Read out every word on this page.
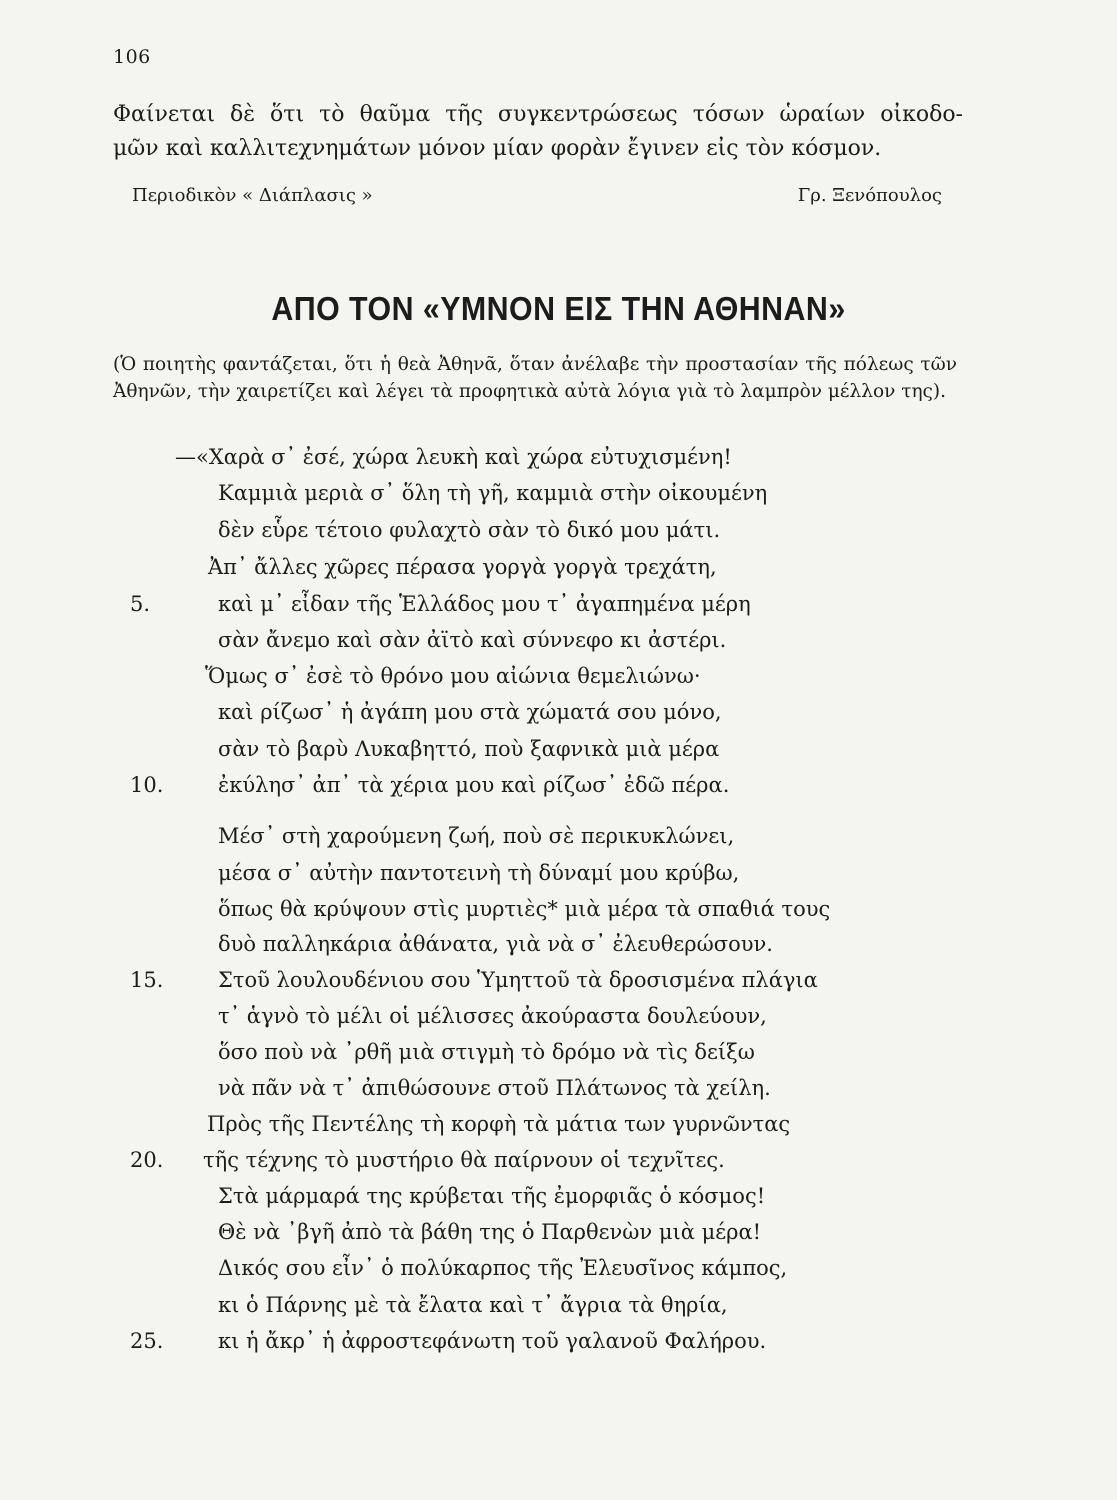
106

Φαίνεται δὲ ὅτι τὸ θαῦμα τῆς συγκεντρώσεως τόσων ὡραίων οἰκοδο-

μῶν καὶ καλλιτεχνημάτων μόνον μίαν φορὰν ἔγινεν εἰς τὸν κόσμον.

Περιοδικὸν « Διάπλασις »	Γρ. Ξενόπουλος
ΑΠΟ ΤΟΝ «ΥΜΝΟΝ ΕΙΣ ΤΗΝ ΑΘΗΝΑΝ»

(Ὁ ποιητὴς φαντάζεται, ὅτι ἡ θεὰ Ἀθηνᾶ, ὅταν ἀνέλαβε τὴν προστασίαν τῆς πόλεως τῶν Ἀθηνῶν, τὴν χαιρετίζει καὶ λέγει τὰ προφητικὰ αὐτὰ λόγια γιὰ τὸ λαμπρὸν μέλλον της).

—«Χαρὰ σ᾿ ἐσέ, χώρα λευκὴ καὶ χώρα εὐτυχισμένη!
Καμμιὰ μεριὰ σ᾿ ὅλη τὴ γῆ, καμμιὰ στὴν οἰκουμένη
δὲν εὗρε τέτοιο φυλαχτὸ σὰν τὸ δικό μου μάτι.
Ἀπ᾿ ἄλλες χῶρες πέρασα γοργὰ γοργὰ τρεχάτη,
5.	καὶ μ᾿ εἶδαν τῆς Ἑλλάδος μου τ᾿ ἀγαπημένα μέρη
σὰν ἄνεμο καὶ σὰν ἀϊτὸ καὶ σύννεφο κι ἀστέρι.
Ὅμως σ᾿ ἐσὲ τὸ θρόνο μου αἰώνια θεμελιώνω·
καὶ ρίζωσ᾿ ἡ ἀγάπη μου στὰ χώματά σου μόνο,
σὰν τὸ βαρὺ Λυκαβηττό, ποὺ ξαφνικὰ μιὰ μέρα
10.	ἐκύλησ᾿ ἀπ᾿ τὰ χέρια μου καὶ ρίζωσ᾿ ἐδῶ πέρα.
Μέσ᾿ στὴ χαρούμενη ζωή, ποὺ σὲ περικυκλώνει,
μέσα σ᾿ αὐτὴν παντοτεινὴ τὴ δύναμί μου κρύβω,
ὅπως θὰ κρύψουν στὶς μυρτιὲς* μιὰ μέρα τὰ σπαθιά τους
δυὸ παλληκάρια ἀθάνατα, γιὰ νὰ σ᾿ ἐλευθερώσουν.
15.	Στοῦ λουλουδένιου σου Ὑμηττοῦ τὰ δροσισμένα πλάγια
τ᾿ ἁγνὸ τὸ μέλι οἱ μέλισσες ἀκούραστα δουλεύουν,
ὅσο ποὺ νὰ ᾿ρθῆ μιὰ στιγμὴ τὸ δρόμο νὰ τὶς δείξω
νὰ πᾶν νὰ τ᾿ ἀπιθώσουνε στοῦ Πλάτωνος τὰ χείλη.
Πρὸς τῆς Πεντέλης τὴ κορφὴ τὰ μάτια των γυρνῶντας
20.	τῆς τέχνης τὸ μυστήριο θὰ παίρνουν οἱ τεχνῖτες.
Στὰ μάρμαρά της κρύβεται τῆς ἐμορφιᾶς ὁ κόσμος!
Θὲ νὰ ᾿βγῆ ἀπὸ τὰ βάθη της ὁ Παρθενὼν μιὰ μέρα!
Δικός σου εἶν᾿ ὁ πολύκαρπος τῆς Ἐλευσῖνος κάμπος,
κι ὁ Πάρνης μὲ τὰ ἔλατα καὶ τ᾿ ἄγρια τὰ θηρία,
25.	κι ἡ ἄκρ᾿ ἡ ἀφροστεφάνωτη τοῦ γαλανοῦ Φαλήρου.
